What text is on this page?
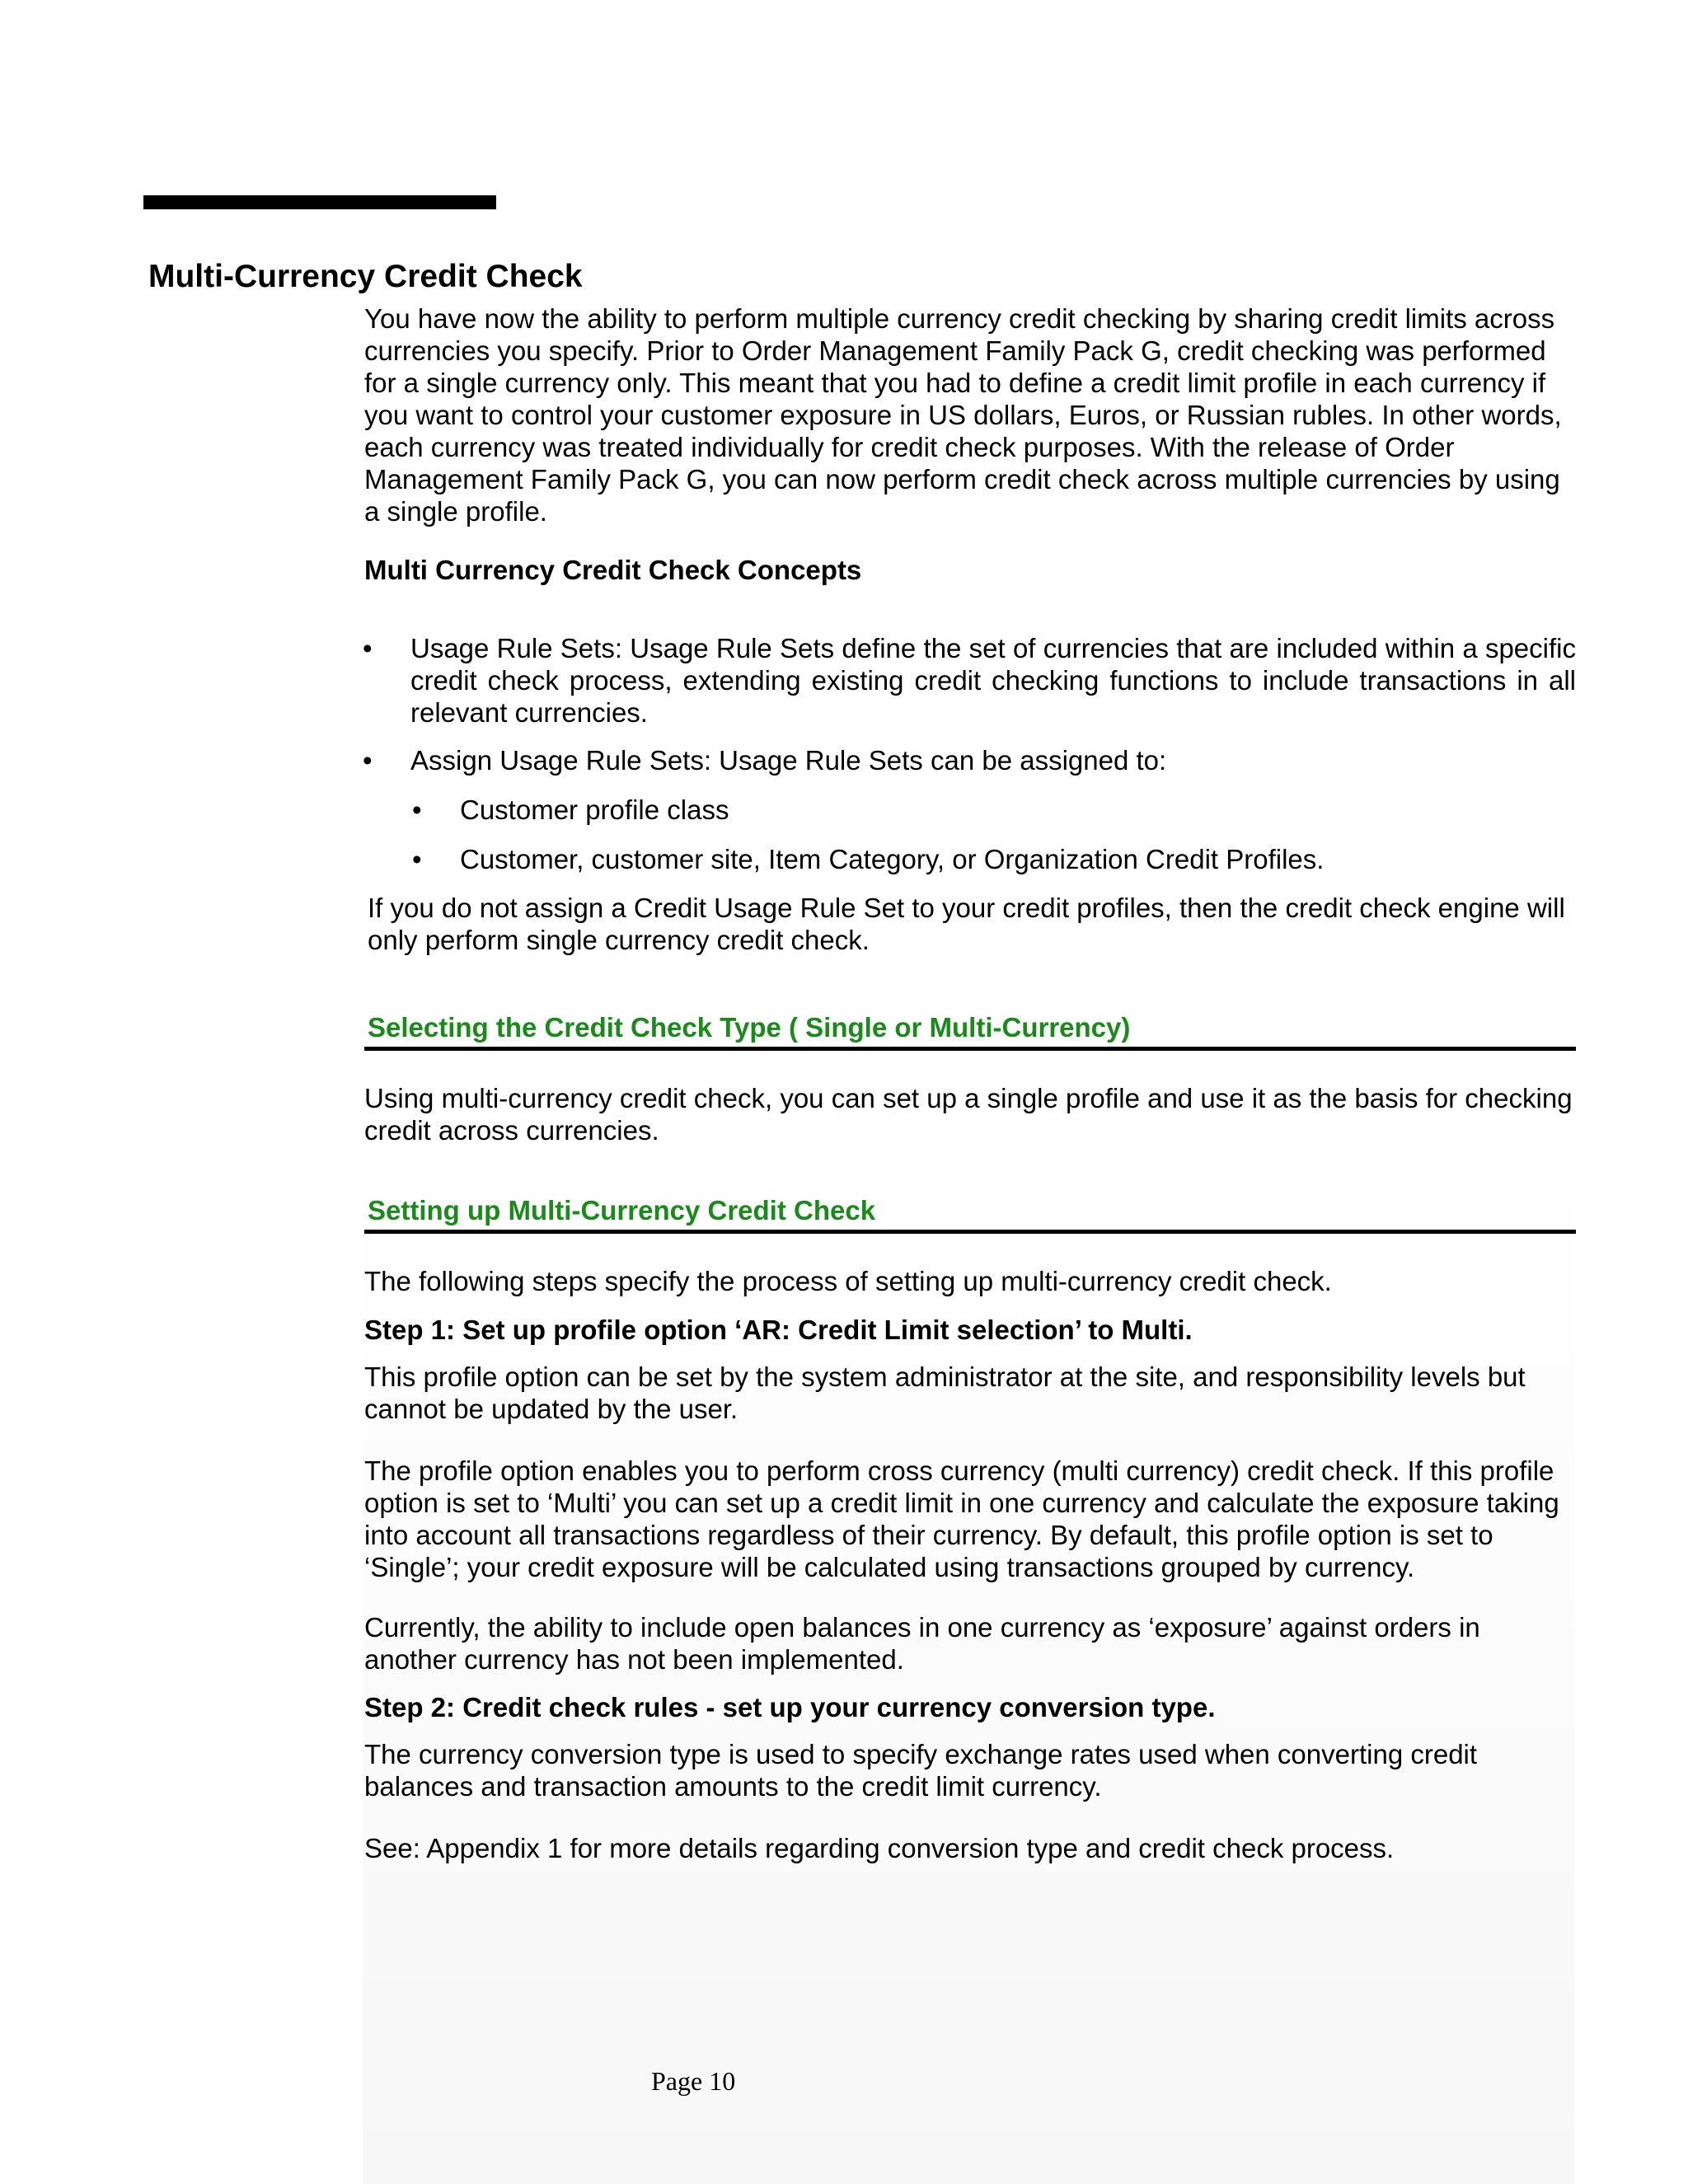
Multi-Currency Credit Check

You have now the ability to perform multiple currency credit checking by sharing credit limits across currencies you specify. Prior to Order Management Family Pack G, credit checking was performed for a single currency only. This meant that you had to define a credit limit profile in each currency if you want to control your customer exposure in US dollars, Euros, or Russian rubles. In other words, each currency was treated individually for credit check purposes. With the release of Order Management Family Pack G, you can now perform credit check across multiple currencies by using a single profile.

Multi Currency Credit Check Concepts

•	Usage Rule Sets: Usage Rule Sets define the set of currencies that are included within a specific credit check process, extending existing credit checking functions to include transactions in all relevant currencies.
•	Assign Usage Rule Sets: Usage Rule Sets can be assigned to:
•	Customer profile class
•	Customer, customer site, Item Category, or Organization Credit Profiles.

If you do not assign a Credit Usage Rule Set to your credit profiles, then the credit check engine will only perform single currency credit check.

Selecting the Credit Check Type ( Single or Multi-Currency)

Using multi-currency credit check, you can set up a single profile and use it as the basis for checking credit across currencies.

Setting up Multi-Currency Credit Check

The following steps specify the process of setting up multi-currency credit check.

Step 1: Set up profile option ‘AR: Credit Limit selection’ to Multi.

This profile option can be set by the system administrator at the site, and responsibility levels but cannot be updated by the user.

The profile option enables you to perform cross currency (multi currency) credit check. If this profile option is set to ‘Multi’ you can set up a credit limit in one currency and calculate the exposure taking into account all transactions regardless of their currency. By default, this profile option is set to ‘Single’; your credit exposure will be calculated using transactions grouped by currency.

Currently, the ability to include open balances in one currency as ‘exposure’ against orders in another currency has not been implemented.

Step 2: Credit check rules - set up your currency conversion type.

The currency conversion type is used to specify exchange rates used when converting credit balances and transaction amounts to the credit limit currency.

See: Appendix 1 for more details regarding conversion type and credit check process.

Page 10
